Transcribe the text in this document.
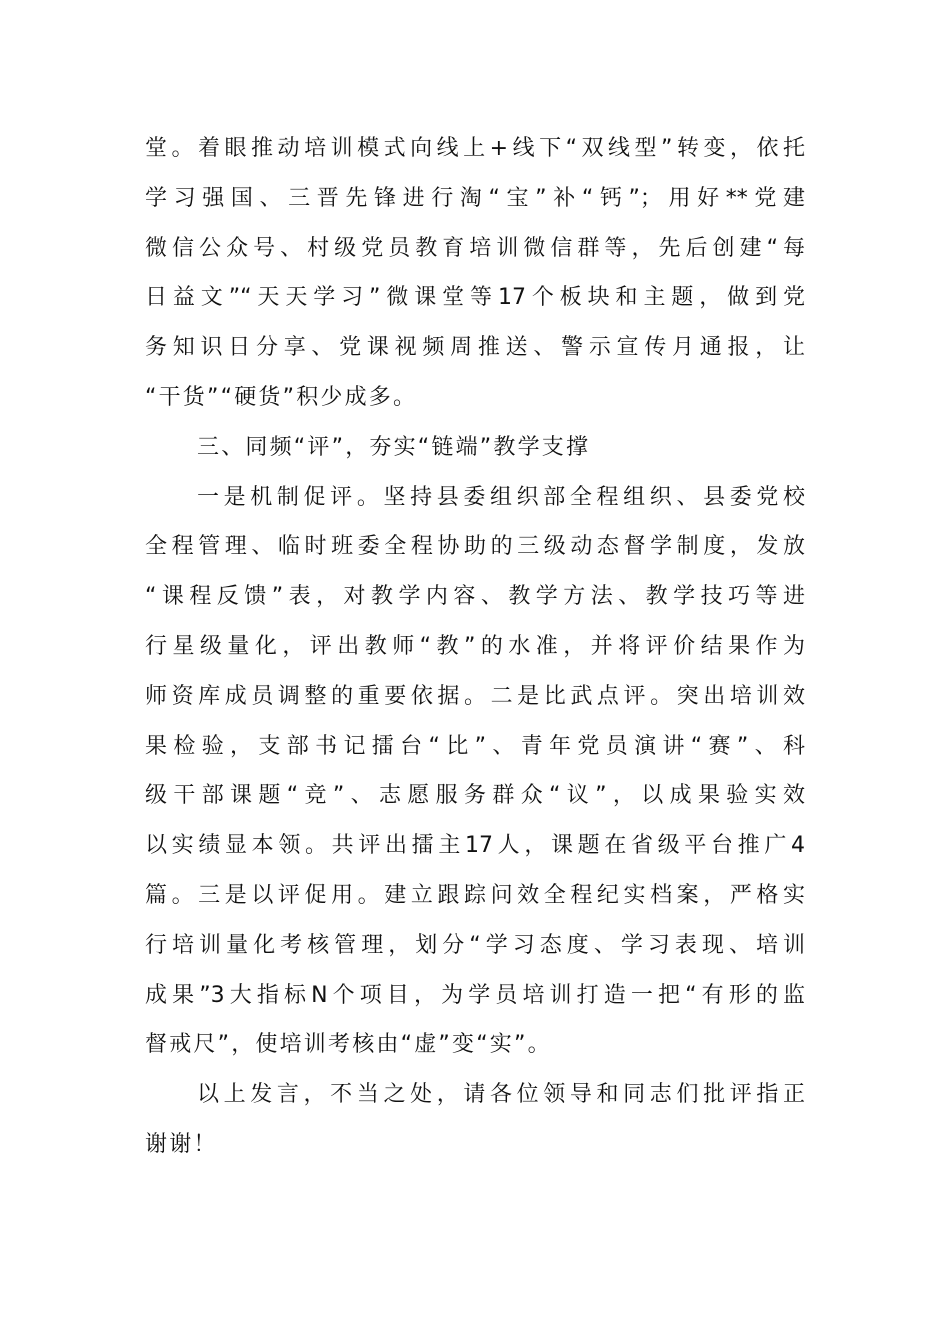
堂。着眼推动培训模式向线上+线下“双线型”转变，依托
学习强国、三晋先锋进行淘“宝”补“钙”；用好**党建
微信公众号、村级党员教育培训微信群等，先后创建“每
日益文”“天天学习”微课堂等17个板块和主题，做到党
务知识日分享、党课视频周推送、警示宣传月通报，让
“干货”“硬货”积少成多。
三、同频“评”，夯实“链端”教学支撑
一是机制促评。坚持县委组织部全程组织、县委党校
全程管理、临时班委全程协助的三级动态督学制度，发放
“课程反馈”表，对教学内容、教学方法、教学技巧等进
行星级量化，评出教师“教”的水准，并将评价结果作为
师资库成员调整的重要依据。二是比武点评。突出培训效
果检验，支部书记擂台“比”、青年党员演讲“赛”、科
级干部课题“竞”、志愿服务群众“议”，以成果验实效
以实绩显本领。共评出擂主17人，课题在省级平台推广4
篇。三是以评促用。建立跟踪问效全程纪实档案，严格实
行培训量化考核管理，划分“学习态度、学习表现、培训
成果”3大指标N个项目，为学员培训打造一把“有形的监
督戒尺”，使培训考核由“虚”变“实”。
以上发言，不当之处，请各位领导和同志们批评指正
谢谢！
